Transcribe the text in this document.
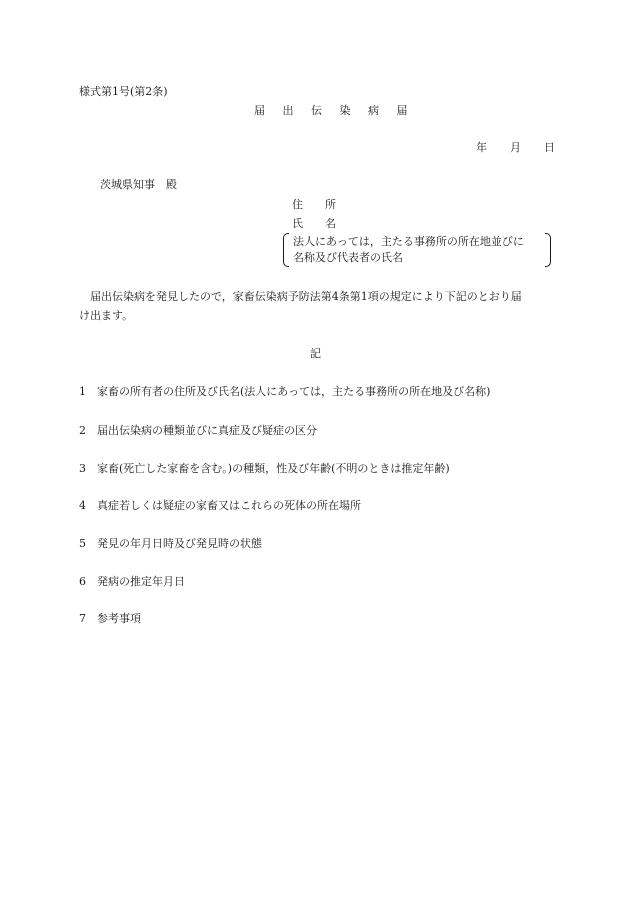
様式第1号(第2条)
届 出 伝 染 病 届
年 月 日
茨城県知事　殿
住　　所
氏　　名
法人にあっては，主たる事務所の所在地並びに
名称及び代表者の氏名
　届出伝染病を発見したので，家畜伝染病予防法第4条第1項の規定により下記のとおり届
け出ます。
記
1 家畜の所有者の住所及び氏名(法人にあっては，主たる事務所の所在地及び名称)
2 届出伝染病の種類並びに真症及び疑症の区分
3 家畜(死亡した家畜を含む。)の種類，性及び年齢(不明のときは推定年齢)
4 真症若しくは疑症の家畜又はこれらの死体の所在場所
5 発見の年月日時及び発見時の状態
6 発病の推定年月日
7 参考事項
